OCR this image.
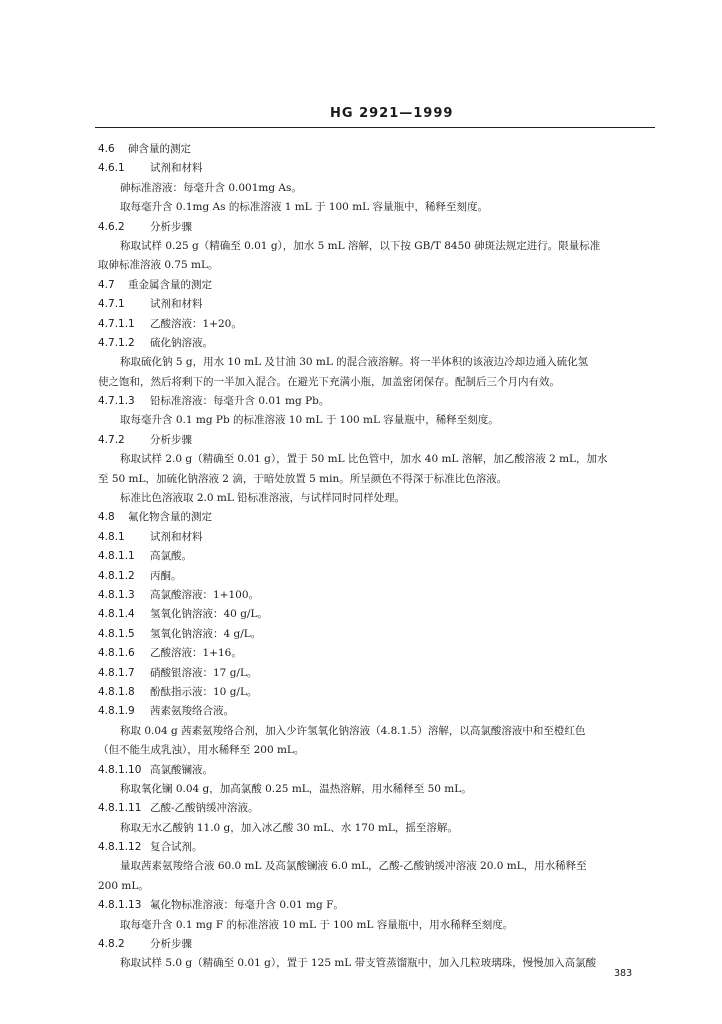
HG 2921—1999
4.6 砷含量的测定
4.6.1 试剂和材料
砷标准溶液：每毫升含 0.001mg As。
取每毫升含 0.1mg As 的标准溶液 1 mL 于 100 mL 容量瓶中，稀释至刻度。
4.6.2 分析步骤
称取试样 0.25 g（精确至 0.01 g），加水 5 mL 溶解，以下按 GB/T 8450 砷斑法规定进行。限量标准
取砷标准溶液 0.75 mL。
4.7 重金属含量的测定
4.7.1 试剂和材料
4.7.1.1 乙酸溶液：1+20。
4.7.1.2 硫化钠溶液。
称取硫化钠 5 g，用水 10 mL 及甘油 30 mL 的混合液溶解。将一半体积的该液边冷却边通入硫化氢
使之饱和，然后将剩下的一半加入混合。在避光下充满小瓶，加盖密闭保存。配制后三个月内有效。
4.7.1.3 铅标准溶液：每毫升含 0.01 mg Pb。
取每毫升含 0.1 mg Pb 的标准溶液 10 mL 于 100 mL 容量瓶中，稀释至刻度。
4.7.2 分析步骤
称取试样 2.0 g（精确至 0.01 g），置于 50 mL 比色管中，加水 40 mL 溶解，加乙酸溶液 2 mL，加水
至 50 mL，加硫化钠溶液 2 滴，于暗处放置 5 min。所呈颜色不得深于标准比色溶液。
标准比色溶液取 2.0 mL 铅标准溶液，与试样同时同样处理。
4.8 氟化物含量的测定
4.8.1 试剂和材料
4.8.1.1 高氯酸。
4.8.1.2 丙酮。
4.8.1.3 高氯酸溶液：1+100。
4.8.1.4 氢氧化钠溶液：40 g/L。
4.8.1.5 氢氧化钠溶液：4 g/L。
4.8.1.6 乙酸溶液：1+16。
4.8.1.7 硝酸银溶液：17 g/L。
4.8.1.8 酚酞指示液：10 g/L。
4.8.1.9 茜素氨羧络合液。
称取 0.04 g 茜素氨羧络合剂，加入少许氢氧化钠溶液（4.8.1.5）溶解，以高氯酸溶液中和至橙红色
（但不能生成乳浊），用水稀释至 200 mL。
4.8.1.10 高氯酸镧液。
称取氧化镧 0.04 g，加高氯酸 0.25 mL，温热溶解，用水稀释至 50 mL。
4.8.1.11 乙酸-乙酸钠缓冲溶液。
称取无水乙酸钠 11.0 g，加入冰乙酸 30 mL、水 170 mL，摇至溶解。
4.8.1.12 复合试剂。
量取茜素氨羧络合液 60.0 mL 及高氯酸镧液 6.0 mL，乙酸-乙酸钠缓冲溶液 20.0 mL，用水稀释至
200 mL。
4.8.1.13 氟化物标准溶液：每毫升含 0.01 mg F。
取每毫升含 0.1 mg F 的标准溶液 10 mL 于 100 mL 容量瓶中，用水稀释至刻度。
4.8.2 分析步骤
称取试样 5.0 g（精确至 0.01 g），置于 125 mL 带支管蒸馏瓶中，加入几粒玻璃珠，慢慢加入高氯酸
383
